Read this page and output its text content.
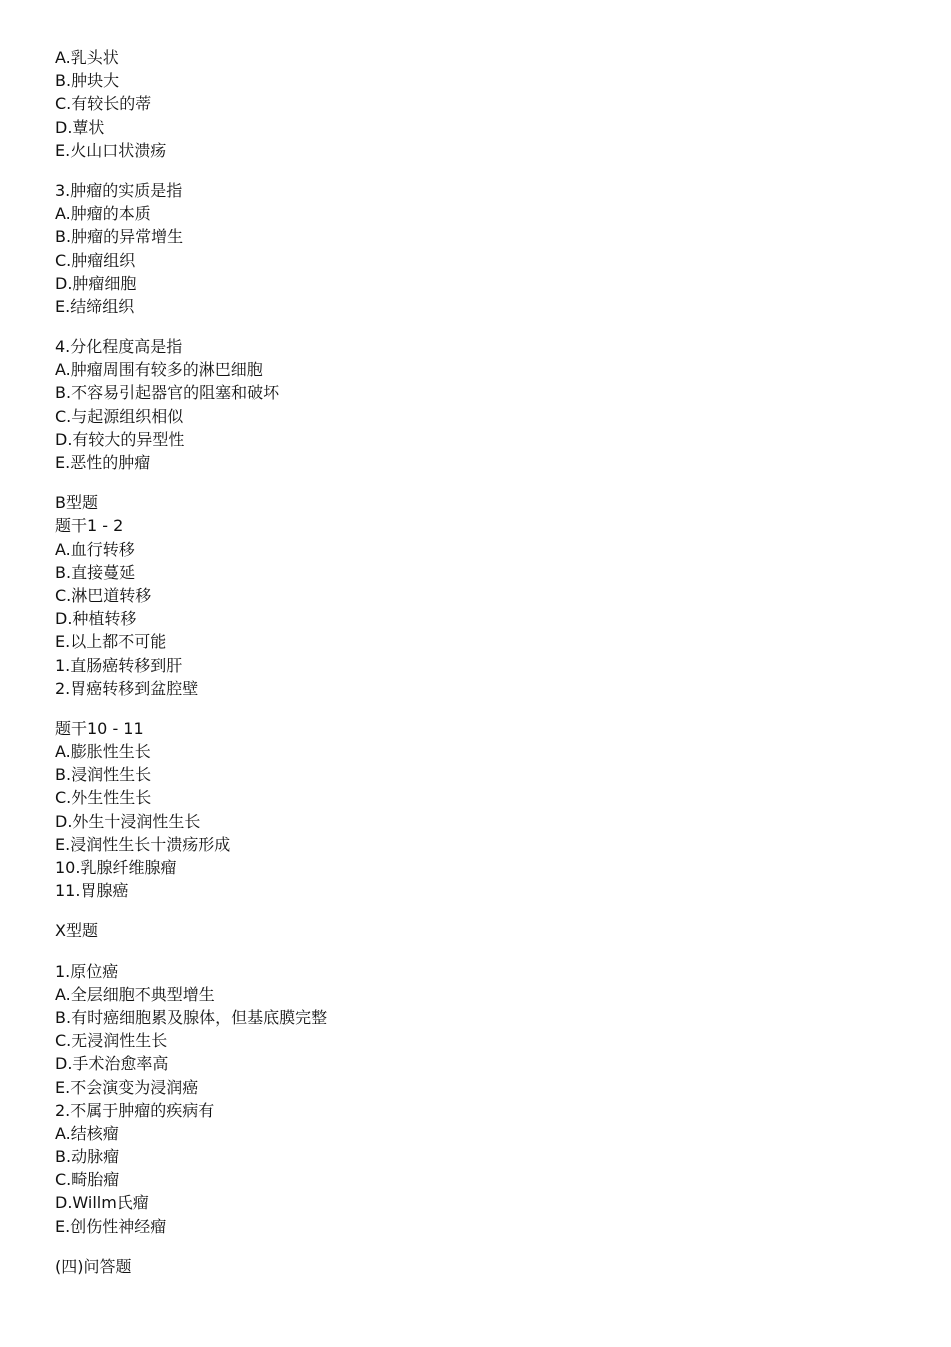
A.乳头状
B.肿块大
C.有较长的蒂
D.蕈状
E.火山口状溃疡
3.肿瘤的实质是指
A.肿瘤的本质
B.肿瘤的异常增生
C.肿瘤组织
D.肿瘤细胞
E.结缔组织
4.分化程度高是指
A.肿瘤周围有较多的淋巴细胞
B.不容易引起器官的阻塞和破坏
C.与起源组织相似
D.有较大的异型性
E.恶性的肿瘤
B型题
题干1 - 2
A.血行转移
B.直接蔓延
C.淋巴道转移
D.种植转移
E.以上都不可能
1.直肠癌转移到肝
2.胃癌转移到盆腔壁
题干10 - 11
A.膨胀性生长
B.浸润性生长
C.外生性生长
D.外生十浸润性生长
E.浸润性生长十溃疡形成
10.乳腺纤维腺瘤
11.胃腺癌
X型题
1.原位癌
A.全层细胞不典型增生
B.有时癌细胞累及腺体，但基底膜完整
C.无浸润性生长
D.手术治愈率高
E.不会演变为浸润癌
2.不属于肿瘤的疾病有
A.结核瘤
B.动脉瘤
C.畸胎瘤
D.Willm氏瘤
E.创伤性神经瘤
(四)问答题
